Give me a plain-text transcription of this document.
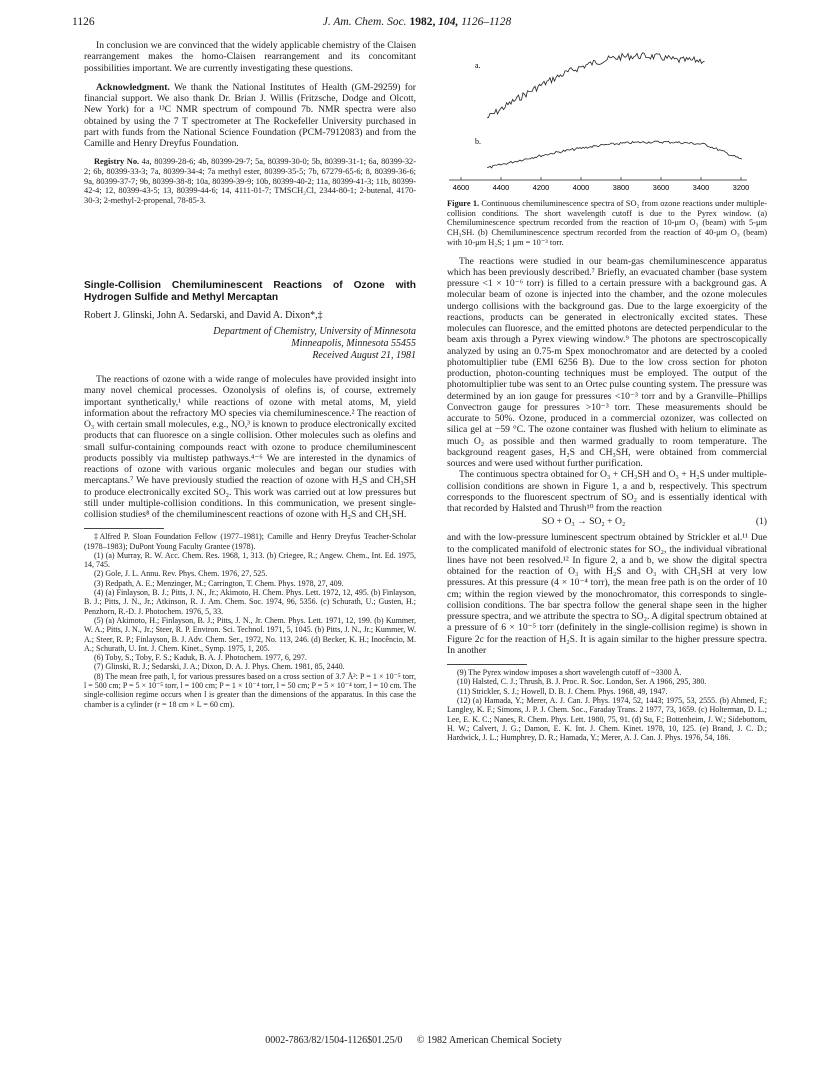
1126	J. Am. Chem. Soc. 1982, 104, 1126–1128

In conclusion we are convinced that the widely applicable chemistry of the Claisen rearrangement makes the homo-Claisen rearrangement and its concomitant possibilities important. We are currently investigating these questions.

Acknowledgment. We thank the National Institutes of Health (GM-29259) for financial support. We also thank Dr. Brian J. Willis (Fritzsche, Dodge and Olcott, New York) for a ¹³C NMR spectrum of compound 7b. NMR spectra were also obtained by using the 7 T spectrometer at The Rockefeller University purchased in part with funds from the National Science Foundation (PCM-7912083) and from the Camille and Henry Dreyfus Foundation.

Registry No. 4a, 80399-28-6; 4b, 80399-29-7; 5a, 80399-30-0; 5b, 80399-31-1; 6a, 80399-32-2; 6b, 80399-33-3; 7a, 80399-34-4; 7a methyl ester, 80399-35-5; 7b, 67279-65-6; 8, 80399-36-6; 9a, 80399-37-7; 9b, 80399-38-8; 10a, 80399-39-9; 10b, 80399-40-2; 11a, 80399-41-3; 11b, 80399-42-4; 12, 80399-43-5; 13, 80399-44-6; 14, 4111-01-7; TMSCH₂Cl, 2344-80-1; 2-butenal, 4170-30-3; 2-methyl-2-propenal, 78-85-3.

Single-Collision Chemiluminescent Reactions of Ozone with Hydrogen Sulfide and Methyl Mercaptan

Robert J. Glinski, John A. Sedarski, and David A. Dixon*,‡

Department of Chemistry, University of Minnesota

Minneapolis, Minnesota 55455

Received August 21, 1981

The reactions of ozone with a wide range of molecules have provided insight into many novel chemical processes. Ozonolysis of olefins is, of course, extremely important synthetically,¹ while reactions of ozone with metal atoms, M, yield information about the refractory MO species via chemiluminescence.² The reaction of O₃ with certain small molecules, e.g., NO,³ is known to produce electronically excited products that can fluoresce on a single collision. Other molecules such as olefins and small sulfur-containing compounds react with ozone to produce chemiluminescent products possibly via multistep pathways.⁴⁻⁶ We are interested in the dynamics of reactions of ozone with various organic molecules and began our studies with mercaptans.⁷ We have previously studied the reaction of ozone with H₂S and CH₃SH to produce electronically excited SO₂. This work was carried out at low pressures but still under multiple-collision conditions. In this communication, we present single-collision studies⁸ of the chemiluminescent reactions of ozone with H₂S and CH₃SH.

‡Alfred P. Sloan Foundation Fellow (1977–1981); Camille and Henry Dreyfus Teacher-Scholar (1978–1983); DuPont Young Faculty Grantee (1978).

(1) (a) Murray, R. W. Acc. Chem. Res. 1968, 1, 313. (b) Criegee, R.; Angew. Chem., Int. Ed. 1975, 14, 745.

(2) Gole, J. L. Annu. Rev. Phys. Chem. 1976, 27, 525.

(3) Redpath, A. E.; Menzinger, M.; Carrington, T. Chem. Phys. 1978, 27, 409.

(4) (a) Finlayson, B. J.; Pitts, J. N., Jr.; Akimoto, H. Chem. Phys. Lett. 1972, 12, 495. (b) Finlayson, B. J.; Pitts, J. N., Jr.; Atkinson, R. J. Am. Chem. Soc. 1974, 96, 5356. (c) Schurath, U.; Gusten, H.; Penzhorn, R.-D. J. Photochem. 1976, 5, 33.

(5) (a) Akimoto, H.; Finlayson, B. J.; Pitts, J. N., Jr. Chem. Phys. Lett. 1971, 12, 199. (b) Kummer, W. A.; Pitts, J. N., Jr.; Steer, R. P. Environ. Sci. Technol. 1971, 5, 1045. (b) Pitts, J. N., Jr.; Kummer, W. A.; Steer, R. P.; Finlayson, B. J. Adv. Chem. Ser., 1972, No. 113, 246. (d) Becker, K. H.; Inocêncio, M. A.; Schurath, U. Int. J. Chem. Kinet., Symp. 1975, 1, 205.

(6) Toby, S.; Toby, F. S.; Kaduk, B. A. J. Photochem. 1977, 6, 297.

(7) Glinski, R. J.; Sedarski, J. A.; Dixon, D. A. J. Phys. Chem. 1981, 85, 2440.

(8) The mean free path, l, for various pressures based on a cross section of 3.7 Å²: P = 1 × 10⁻⁵ torr, l = 500 cm; P = 5 × 10⁻⁵ torr, l = 100 cm; P = 1 × 10⁻⁴ torr, l = 50 cm; P = 5 × 10⁻⁴ torr, l = 10 cm. The single-collision regime occurs when l is greater than the dimensions of the apparatus. In this case the chamber is a cylinder (r = 18 cm × L = 60 cm).

a.
b.
4600	4400	4200	4000	3800	3600	3400	3200

Figure 1. Continuous chemiluminescence spectra of SO₂ from ozone reactions under multiple-collision conditions. The short wavelength cutoff is due to the Pyrex window. (a) Chemiluminescence spectrum recorded from the reaction of 10-μm O₃ (beam) with 5-μm CH₃SH. (b) Chemiluminescence spectrum recorded from the reaction of 40-μm O₃ (beam) with 10-μm H₂S; 1 μm = 10⁻³ torr.

The reactions were studied in our beam-gas chemiluminescence apparatus which has been previously described.⁷ Briefly, an evacuated chamber (base system pressure <1 × 10⁻⁶ torr) is filled to a certain pressure with a background gas. A molecular beam of ozone is injected into the chamber, and the ozone molecules undergo collisions with the background gas. Due to the large exoergicity of the reactions, products can be generated in electronically excited states. These molecules can fluoresce, and the emitted photons are detected perpendicular to the beam axis through a Pyrex viewing window.⁹ The photons are spectroscopically analyzed by using an 0.75-m Spex monochromator and are detected by a cooled photomultiplier tube (EMI 6256 B). Due to the low cross section for photon production, photon-counting techniques must be employed. The output of the photomultiplier tube was sent to an Ortec pulse counting system. The pressure was determined by an ion gauge for pressures <10⁻³ torr and by a Granville–Phillips Convectron gauge for pressures >10⁻³ torr. These measurements should be accurate to 50%. Ozone, produced in a commercial ozonizer, was collected on silica gel at −59 °C. The ozone container was flushed with helium to eliminate as much O₂ as possible and then warmed gradually to room temperature. The background reagent gases, H₂S and CH₃SH, were obtained from commercial sources and were used without further purification.

The continuous spectra obtained for O₃ + CH₃SH and O₃ + H₂S under multiple-collision conditions are shown in Figure 1, a and b, respectively. This spectrum corresponds to the fluorescent spectrum of SO₂ and is essentially identical with that recorded by Halsted and Thrush¹⁰ from the reaction

SO + O₃ → SO₂ + O₂	(1)

and with the low-pressure luminescent spectrum obtained by Strickler et al.¹¹ Due to the complicated manifold of electronic states for SO₂, the individual vibrational lines have not been resolved.¹² In figure 2, a and b, we show the digital spectra obtained for the reaction of O₃ with H₂S and O₃ with CH₃SH at very low pressures. At this pressure (4 × 10⁻⁴ torr), the mean free path is on the order of 10 cm; within the region viewed by the monochromator, this corresponds to single-collision conditions. The bar spectra follow the general shape seen in the higher pressure spectra, and we attribute the spectra to SO₂. A digital spectrum obtained at a pressure of 6 × 10⁻⁵ torr (definitely in the single-collision regime) is shown in Figure 2c for the reaction of H₂S. It is again similar to the higher pressure spectra. In another

(9) The Pyrex window imposes a short wavelength cutoff of ~3300 Å.

(10) Halsted, C. J.; Thrush, B. J. Proc. R. Soc. London, Ser. A 1966, 295, 380.

(11) Strickler, S. J.; Howell, D. B. J. Chem. Phys. 1968, 49, 1947.

(12) (a) Hamada, Y.; Merer, A. J. Can. J. Phys. 1974, 52, 1443; 1975, 53, 2555. (b) Ahmed, F.; Langley, K. F.; Simons, J. P. J. Chem. Soc., Faraday Trans. 2 1977, 73, 1659. (c) Holterman, D. L.; Lee, E. K. C.; Nanes, R. Chem. Phys. Lett. 1980, 75, 91. (d) Su, F.; Bottenheim, J. W.; Sidebottom, H. W.; Calvert, J. G.; Damon, E. K. Int. J. Chem. Kinet. 1978, 10, 125. (e) Brand, J. C. D.; Hardwick, J. L.; Humphrey, D. R.; Hamada, Y.; Merer, A. J. Can. J. Phys. 1976, 54, 186.

0002-7863/82/1504-1126$01.25/0 © 1982 American Chemical Society
